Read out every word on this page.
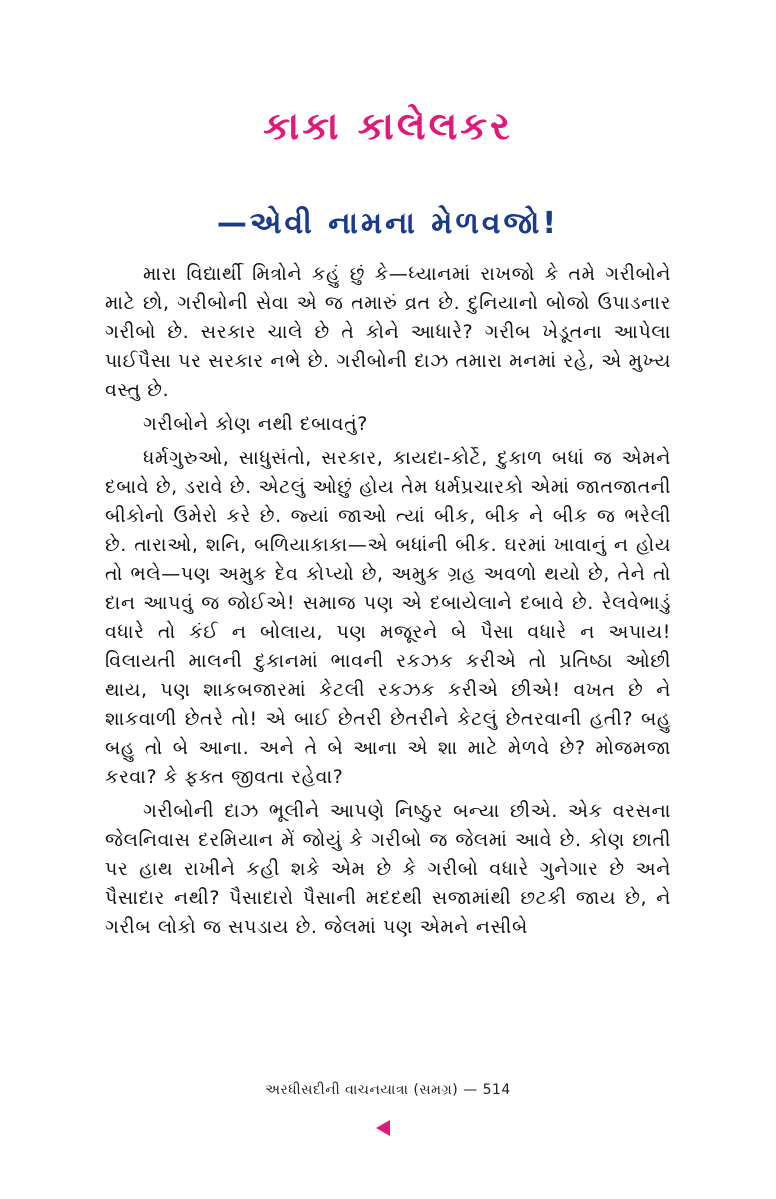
કાકા કાલેલકર
—એવી નામના મેળવજો!

મારા વિદ્યાર્થી મિત્રોને કહું છું કે—ધ્યાનમાં રાખજો કે તમે ગરીબોને માટે છો, ગરીબોની સેવા એ જ તમારું વ્રત છે. દુનિયાનો બોજો ઉપાડનાર ગરીબો છે. સરકાર ચાલે છે તે કોને આધારે? ગરીબ ખેડૂતના આપેલા પાઈપૈસા પર સરકાર નભે છે. ગરીબોની દાઝ તમારા મનમાં રહે, એ મુખ્ય વસ્તુ છે.

ગરીબોને કોણ નથી દબાવતું?

ધર્મગુરુઓ, સાધુસંતો, સરકાર, કાયદા-કોર્ટે, દુકાળ બધાં જ એમને દબાવે છે, ડરાવે છે. એટલું ઓછું હોય તેમ ધર્મપ્રચારકો એમાં જાતજાતની બીકોનો ઉમેરો કરે છે. જ્યાં જાઓ ત્યાં બીક, બીક ને બીક જ ભરેલી છે. તારાઓ, શનિ, બળિયાકાકા—એ બધાંની બીક. ઘરમાં ખાવાનું ન હોય તો ભલે—પણ અમુક દેવ કોપ્યો છે, અમુક ગ્રહ અવળો થયો છે, તેને તો દાન આપવું જ જોઈએ! સમાજ પણ એ દબાયેલાને દબાવે છે. રેલવેભાડું વધારે તો કંઈ ન બોલાય, પણ મજૂરને બે પૈસા વધારે ન અપાય! વિલાયતી માલની દુકાનમાં ભાવની રકઝક કરીએ તો પ્રતિષ્ઠા ઓછી થાય, પણ શાકબજારમાં કેટલી રકઝક કરીએ છીએ! વખત છે ને શાકવાળી છેતરે તો! એ બાઈ છેતરી છેતરીને કેટલું છેતરવાની હતી? બહુ બહુ તો બે આના. અને તે બે આના એ શા માટે મેળવે છે? મોજમજા કરવા? કે ફક્ત જીવતા રહેવા?

ગરીબોની દાઝ ભૂલીને આપણે નિષ્ઠુર બન્યા છીએ. એક વરસના જેલનિવાસ દરમિયાન મેં જોયું કે ગરીબો જ જેલમાં આવે છે. કોણ છાતી પર હાથ રાખીને કહી શકે એમ છે કે ગરીબો વધારે ગુનેગાર છે અને પૈસાદાર નથી? પૈસાદારો પૈસાની મદદથી સજામાંથી છટકી જાય છે, ને ગરીબ લોકો જ સપડાય છે. જેલમાં પણ એમને નસીબે

અરધીસદીની વાચનયાત્રા (સમગ્ર) — 514
